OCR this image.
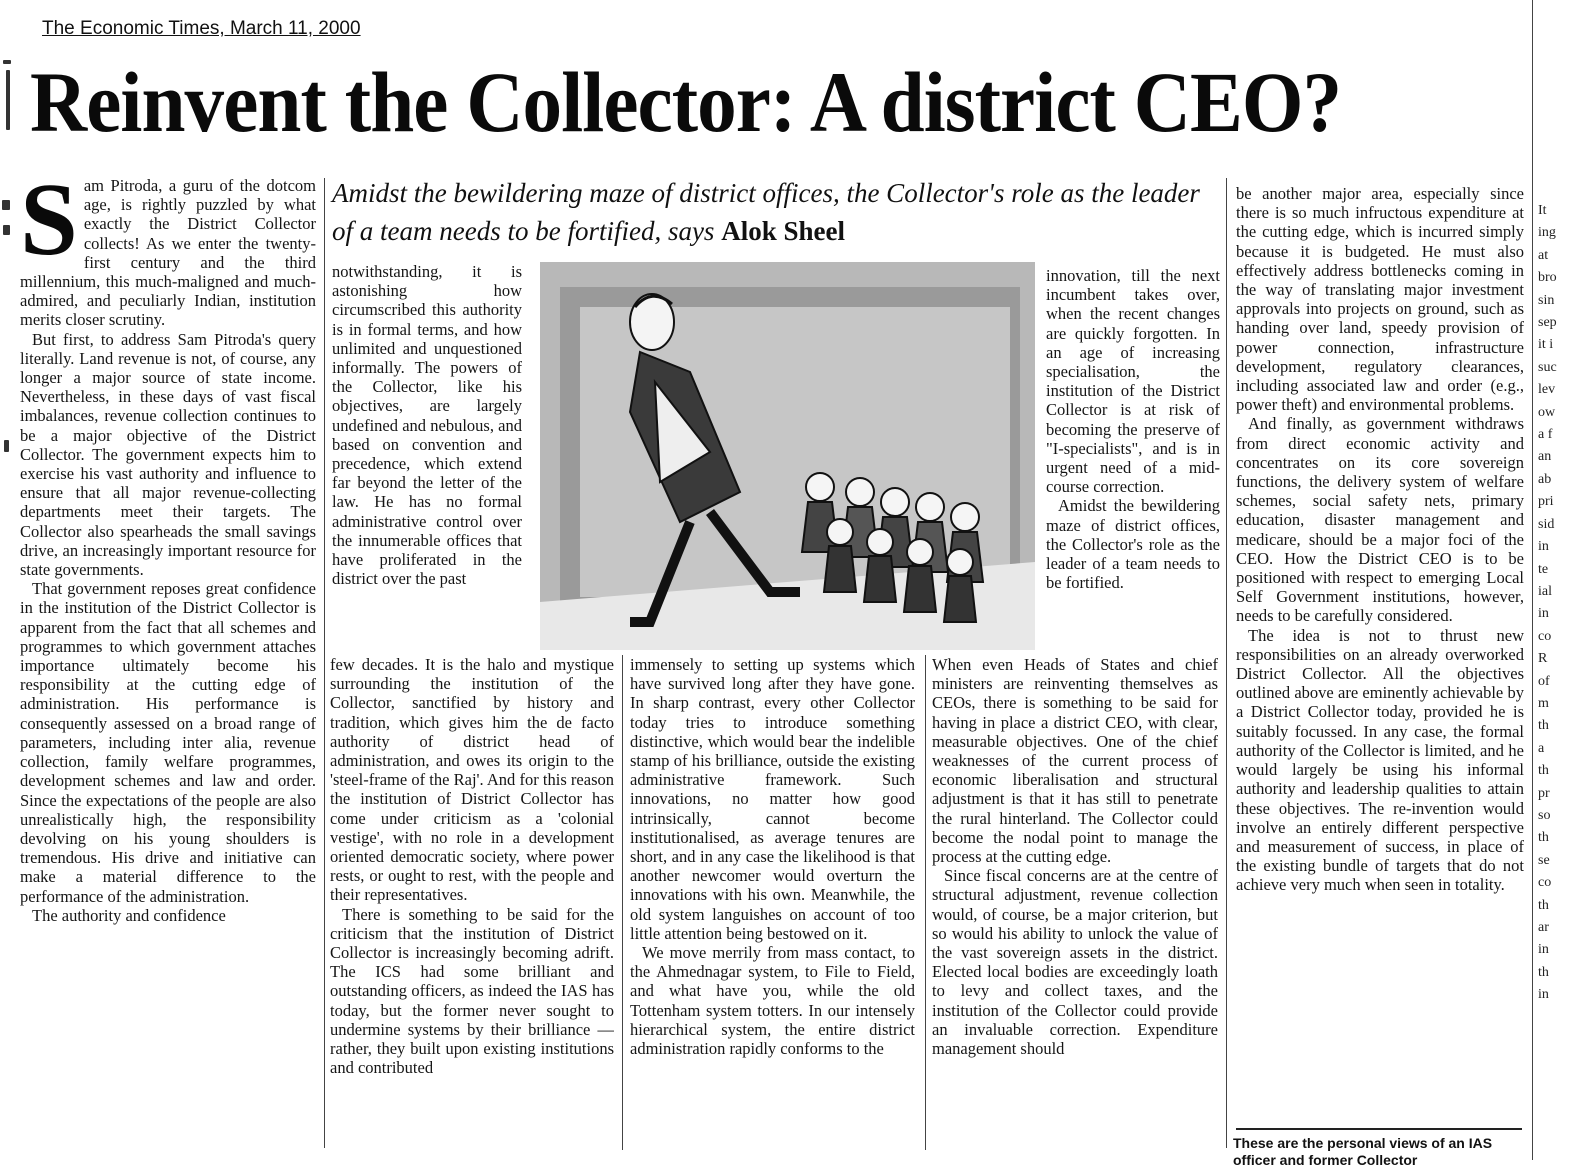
The Economic Times, March 11, 2000
Reinvent the Collector: A district CEO?
Amidst the bewildering maze of district offices, the Collector's role as the leader of a team needs to be fortified, says Alok Sheel
S am Pitroda, a guru of the dotcom age, is rightly puzzled by what exactly the District Collector collects! As we enter the twenty-first century and the third millennium, this much-maligned and much-admired, and peculiarly Indian, institution merits closer scrutiny.

But first, to address Sam Pitroda's query literally. Land revenue is not, of course, any longer a major source of state income. Nevertheless, in these days of vast fiscal imbalances, revenue collection continues to be a major objective of the District Collector. The government expects him to exercise his vast authority and influence to ensure that all major revenue-collecting departments meet their targets. The Collector also spearheads the small savings drive, an increasingly important resource for state governments.

That government reposes great confidence in the institution of the District Collector is apparent from the fact that all schemes and programmes to which government attaches importance ultimately become his responsibility at the cutting edge of administration. His performance is consequently assessed on a broad range of parameters, including inter alia, revenue collection, family welfare programmes, development schemes and law and order. Since the expectations of the people are also unrealistically high, the responsibility devolving on his young shoulders is tremendous. His drive and initiative can make a material difference to the performance of the administration.

The authority and confidence

notwithstanding, it is astonishing how circumscribed this authority is in formal terms, and how unlimited and unquestioned informally. The powers of the Collector, like his objectives, are largely undefined and nebulous, and based on convention and precedence, which extend far beyond the letter of the law. He has no formal administrative control over the innumerable offices that have proliferated in the district over the past

few decades. It is the halo and mystique surrounding the institution of the Collector, sanctified by history and tradition, which gives him the de facto authority of district head of administration, and owes its origin to the 'steel-frame of the Raj'. And for this reason the institution of District Collector has come under criticism as a 'colonial vestige', with no role in a development oriented democratic society, where power rests, or ought to rest, with the people and their representatives.

There is something to be said for the criticism that the institution of District Collector is increasingly becoming adrift. The ICS had some brilliant and outstanding officers, as indeed the IAS has today, but the former never sought to undermine systems by their brilliance — rather, they built upon existing institutions and contributed

immensely to setting up systems which have survived long after they have gone. In sharp contrast, every other Collector today tries to introduce something distinctive, which would bear the indelible stamp of his brilliance, outside the existing administrative framework. Such innovations, no matter how good intrinsically, cannot become institutionalised, as average tenures are short, and in any case the likelihood is that another newcomer would overturn the innovations with his own. Meanwhile, the old system languishes on account of too little attention being bestowed on it.

We move merrily from mass contact, to the Ahmednagar system, to File to Field, and what have you, while the old Tottenham system totters. In our intensely hierarchical system, the entire district administration rapidly conforms to the

innovation, till the next incumbent takes over, when the recent changes are quickly forgotten. In an age of increasing specialisation, the institution of the District Collector is at risk of becoming the preserve of "I-specialists", and is in urgent need of a mid-course correction.

Amidst the bewildering maze of district offices, the Collector's role as the leader of a team needs to be fortified.

When even Heads of States and chief ministers are reinventing themselves as CEOs, there is something to be said for having in place a district CEO, with clear, measurable objectives. One of the chief weaknesses of the current process of economic liberalisation and structural adjustment is that it has still to penetrate the rural hinterland. The Collector could become the nodal point to manage the process at the cutting edge.

Since fiscal concerns are at the centre of structural adjustment, revenue collection would, of course, be a major criterion, but so would his ability to unlock the value of the vast sovereign assets in the district. Elected local bodies are exceedingly loath to levy and collect taxes, and the institution of the Collector could provide an invaluable correction. Expenditure management should

be another major area, especially since there is so much infructous expenditure at the cutting edge, which is incurred simply because it is budgeted. He must also effectively address bottlenecks coming in the way of translating major investment approvals into projects on ground, such as handing over land, speedy provision of power connection, infrastructure development, regulatory clearances, including associated law and order (e.g., power theft) and environmental problems.

And finally, as government withdraws from direct economic activity and concentrates on its core sovereign functions, the delivery system of welfare schemes, social safety nets, primary education, disaster management and medicare, should be a major foci of the CEO. How the District CEO is to be positioned with respect to emerging Local Self Government institutions, however, needs to be carefully considered.

The idea is not to thrust new responsibilities on an already overworked District Collector. All the objectives outlined above are eminently achievable by a District Collector today, provided he is suitably focussed. In any case, the formal authority of the Collector is limited, and he would largely be using his informal authority and leadership qualities to attain these objectives. The re-invention would involve an entirely different perspective and measurement of success, in place of the existing bundle of targets that do not achieve very much when seen in totality.

These are the personal views of an IAS officer and former Collector
It
ing
at
bro
sin
sep
it i
suc
lev
ow
a f
an
ab
pri
sid
in
te
ial
in
co
R
of
m
th
a
th
pr
so
th
se
co
th
ar
in
th
in
